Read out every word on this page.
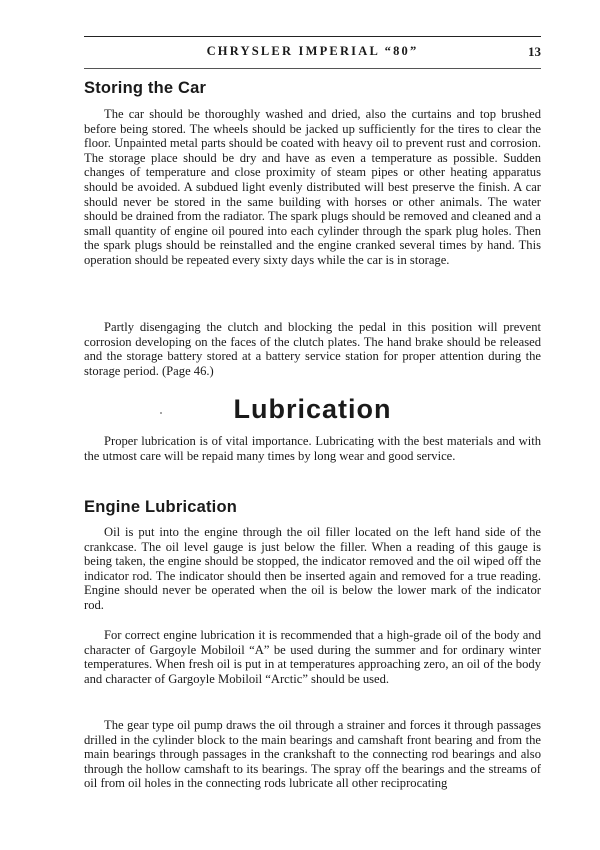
CHRYSLER IMPERIAL “80”	13
Storing the Car

The car should be thoroughly washed and dried, also the curtains and top brushed before being stored. The wheels should be jacked up sufficiently for the tires to clear the floor. Unpainted metal parts should be coated with heavy oil to prevent rust and corrosion. The storage place should be dry and have as even a temperature as possible. Sudden changes of temperature and close proximity of steam pipes or other heating apparatus should be avoided. A subdued light evenly distributed will best preserve the finish. A car should never be stored in the same building with horses or other animals. The water should be drained from the radiator. The spark plugs should be removed and cleaned and a small quantity of engine oil poured into each cylinder through the spark plug holes. Then the spark plugs should be reinstalled and the engine cranked several times by hand. This operation should be repeated every sixty days while the car is in storage.

Partly disengaging the clutch and blocking the pedal in this position will prevent corrosion developing on the faces of the clutch plates. The hand brake should be released and the storage battery stored at a battery service station for proper attention during the storage period. (Page 46.)

Lubrication

Proper lubrication is of vital importance. Lubricating with the best materials and with the utmost care will be repaid many times by long wear and good service.

Engine Lubrication

Oil is put into the engine through the oil filler located on the left hand side of the crankcase. The oil level gauge is just below the filler. When a reading of this gauge is being taken, the engine should be stopped, the indicator removed and the oil wiped off the indicator rod. The indicator should then be inserted again and removed for a true reading. Engine should never be operated when the oil is below the lower mark of the indicator rod.

For correct engine lubrication it is recommended that a high-grade oil of the body and character of Gargoyle Mobiloil “A” be used during the summer and for ordinary winter temperatures. When fresh oil is put in at temperatures approaching zero, an oil of the body and character of Gargoyle Mobiloil “Arctic” should be used.

The gear type oil pump draws the oil through a strainer and forces it through passages drilled in the cylinder block to the main bearings and camshaft front bearing and from the main bearings through passages in the crankshaft to the connecting rod bearings and also through the hollow camshaft to its bearings. The spray off the bearings and the streams of oil from oil holes in the connecting rods lubricate all other reciprocating
